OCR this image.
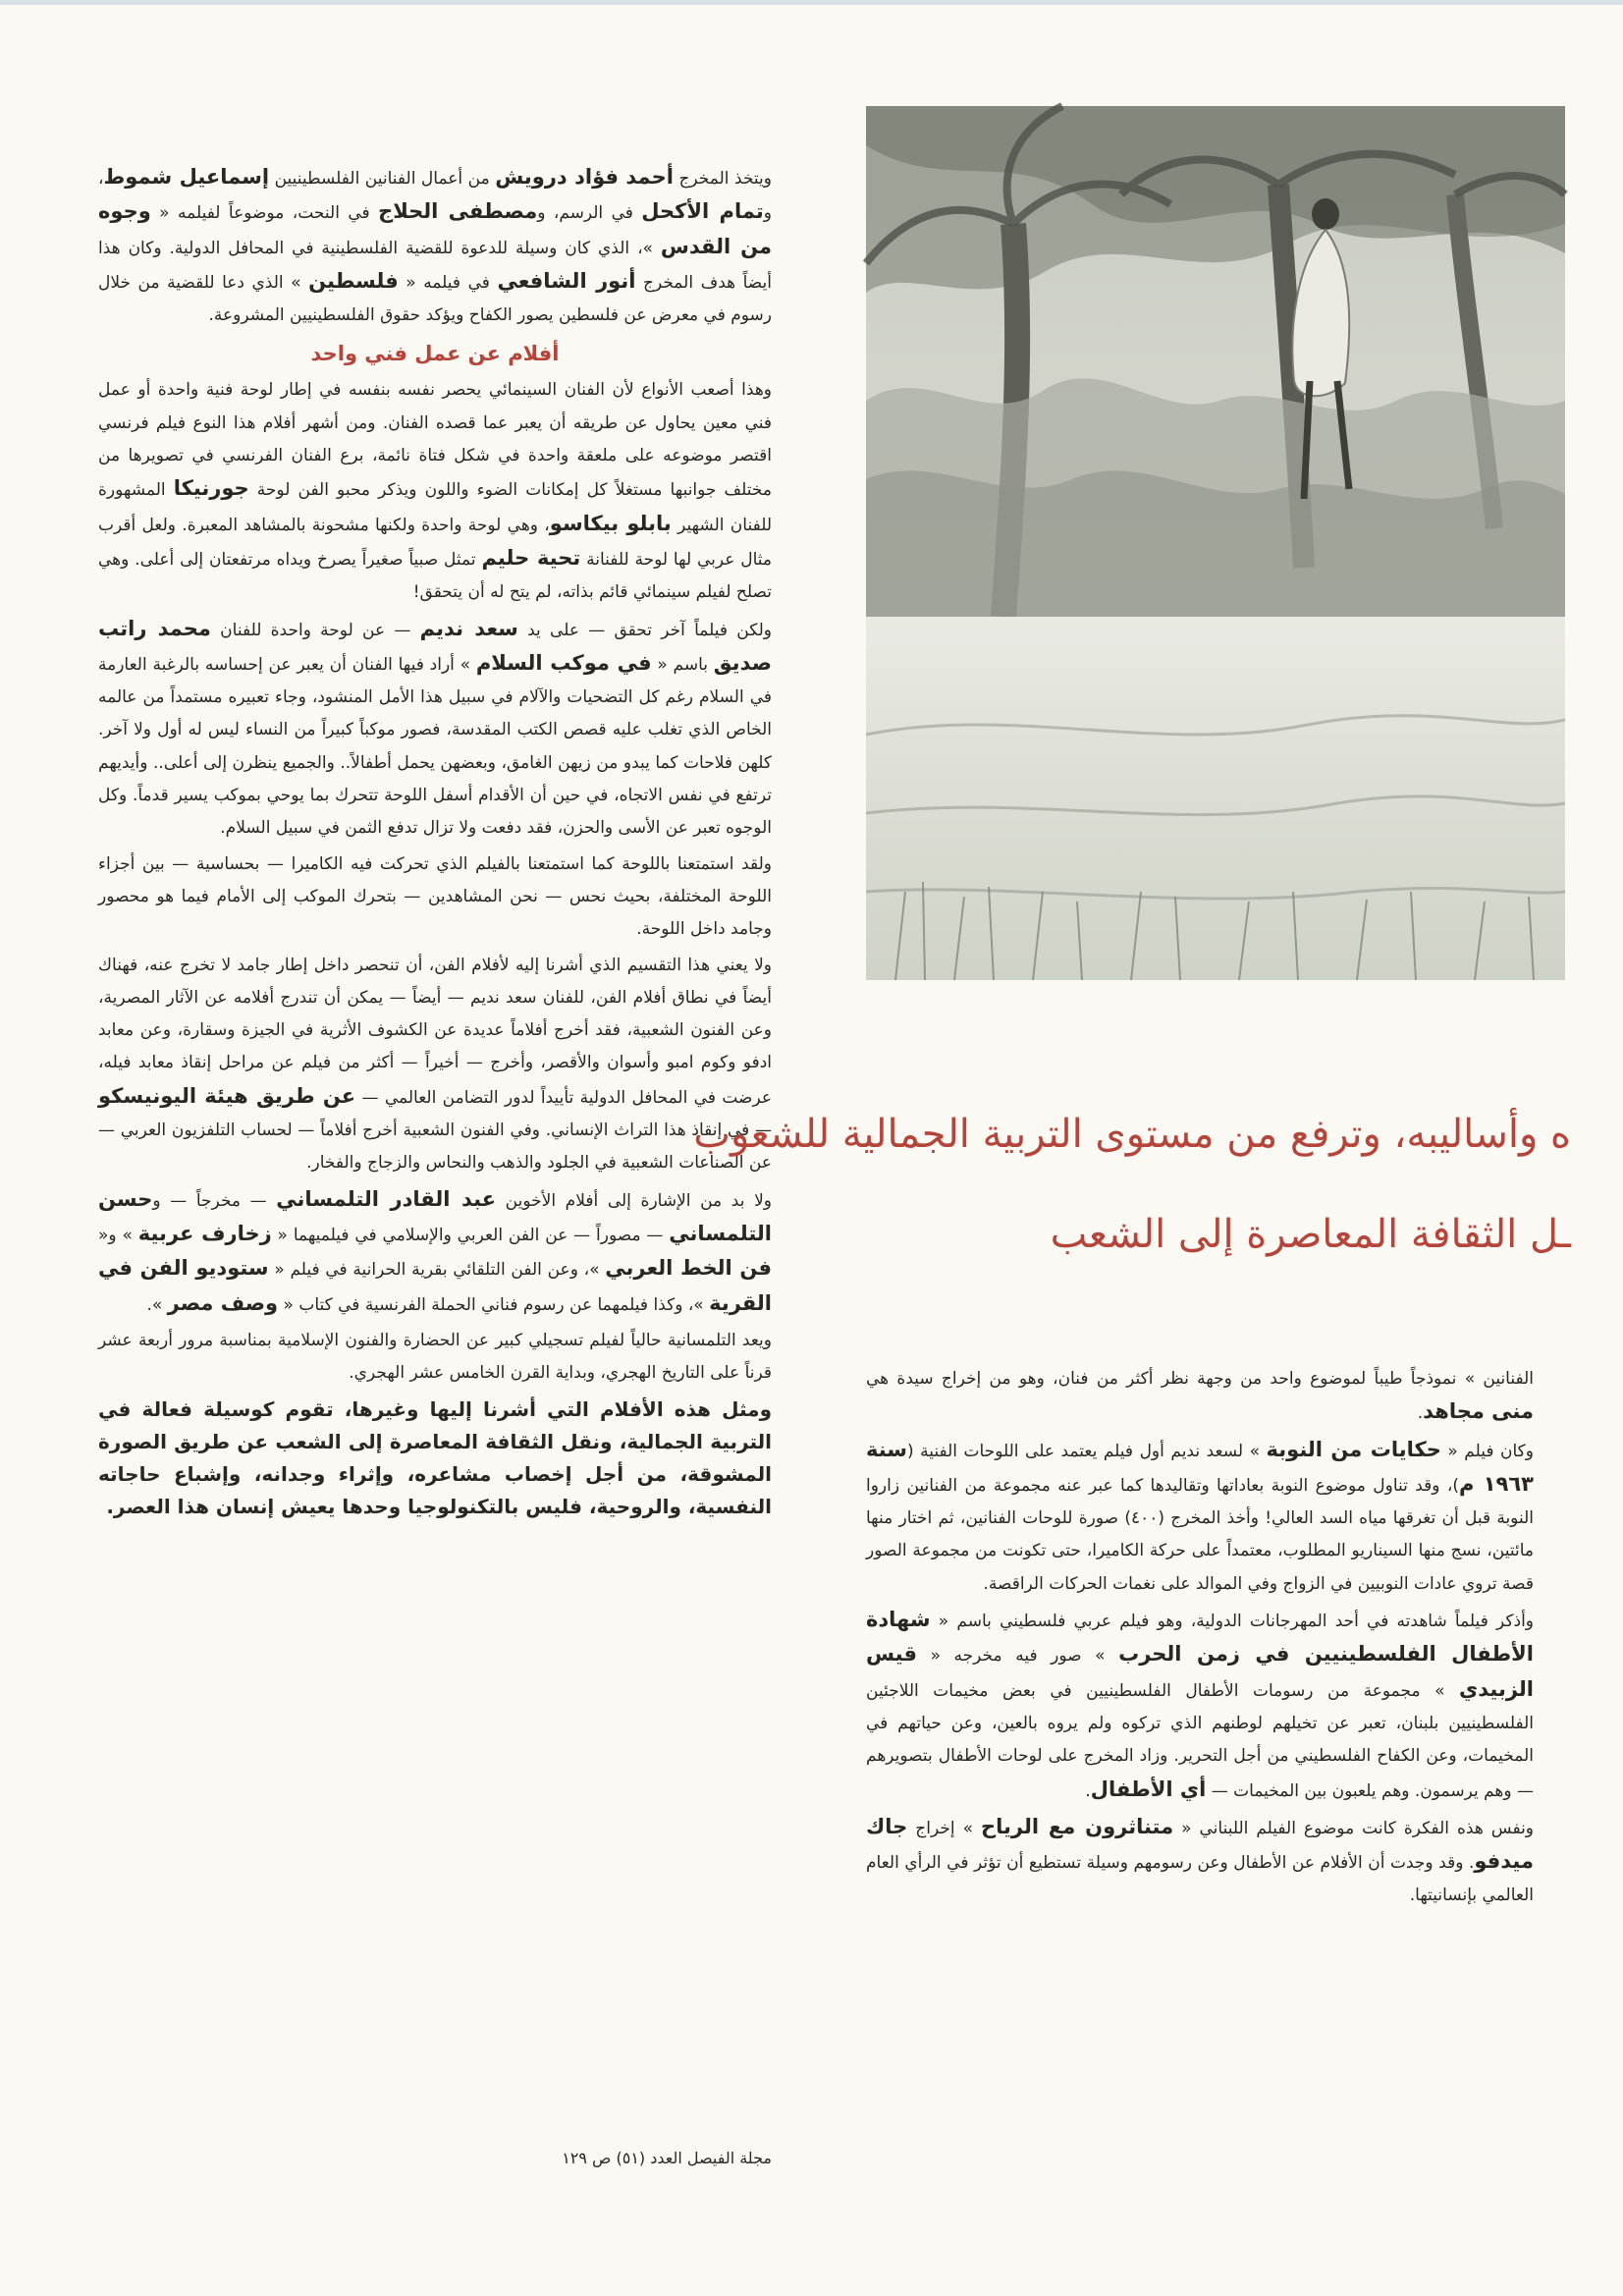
ويتخذ المخرج أحمد فؤاد درويش من أعمال الفنانين الفلسطينيين إسماعيل شموط، وتمام الأكحل في الرسم، ومصطفى الحلاج في النحت، موضوعاً لفيلمه « وجوه من القدس »، الذي كان وسيلة للدعوة للقضية الفلسطينية في المحافل الدولية. وكان هذا أيضاً هدف المخرج أنور الشافعي في فيلمه « فلسطين » الذي دعا للقضية من خلال رسوم في معرض عن فلسطين يصور الكفاح ويؤكد حقوق الفلسطينيين المشروعة.

أفلام عن عمل فني واحد

وهذا أصعب الأنواع لأن الفنان السينمائي يحصر نفسه بنفسه في إطار لوحة فنية واحدة أو عمل فني معين يحاول عن طريقه أن يعبر عما قصده الفنان. ومن أشهر أفلام هذا النوع فيلم فرنسي اقتصر موضوعه على ملعقة واحدة في شكل فتاة نائمة، برع الفنان الفرنسي في تصويرها من مختلف جوانبها مستغلاً كل إمكانات الضوء واللون ويذكر محبو الفن لوحة جورنيكا المشهورة للفنان الشهير بابلو بيكاسو، وهي لوحة واحدة ولكنها مشحونة بالمشاهد المعبرة. ولعل أقرب مثال عربي لها لوحة للفنانة تحية حليم تمثل صبياً صغيراً يصرخ ويداه مرتفعتان إلى أعلى. وهي تصلح لفيلم سينمائي قائم بذاته، لم يتح له أن يتحقق!

ولكن فيلماً آخر تحقق — على يد سعد نديم — عن لوحة واحدة للفنان محمد راتب صديق باسم « في موكب السلام » أراد فيها الفنان أن يعبر عن إحساسه بالرغبة العارمة في السلام رغم كل التضحيات والآلام في سبيل هذا الأمل المنشود، وجاء تعبيره مستمداً من عالمه الخاص الذي تغلب عليه قصص الكتب المقدسة، فصور موكباً كبيراً من النساء ليس له أول ولا آخر. كلهن فلاحات كما يبدو من زيهن الغامق، وبعضهن يحمل أطفالاً.. والجميع ينظرن إلى أعلى.. وأيديهم ترتفع في نفس الاتجاه، في حين أن الأقدام أسفل اللوحة تتحرك بما يوحي بموكب يسير قدماً. وكل الوجوه تعبر عن الأسى والحزن، فقد دفعت ولا تزال تدفع الثمن في سبيل السلام.

ولقد استمتعنا باللوحة كما استمتعنا بالفيلم الذي تحركت فيه الكاميرا — بحساسية — بين أجزاء اللوحة المختلفة، بحيث نحس — نحن المشاهدين — بتحرك الموكب إلى الأمام فيما هو محصور وجامد داخل اللوحة.

ولا يعني هذا التقسيم الذي أشرنا إليه لأفلام الفن، أن تنحصر داخل إطار جامد لا تخرج عنه، فهناك أيضاً في نطاق أفلام الفن، للفنان سعد نديم — أيضاً — يمكن أن تندرج أفلامه عن الآثار المصرية، وعن الفنون الشعبية، فقد أخرج أفلاماً عديدة عن الكشوف الأثرية في الجيزة وسقارة، وعن معابد ادفو وكوم امبو وأسوان والأقصر، وأخرج — أخيراً — أكثر من فيلم عن مراحل إنقاذ معابد فيله، عرضت في المحافل الدولية تأييداً لدور التضامن العالمي — عن طريق هيئة اليونيسكو — في إنقاذ هذا التراث الإنساني. وفي الفنون الشعبية أخرج أفلاماً — لحساب التلفزيون العربي — عن الصناعات الشعبية في الجلود والذهب والنحاس والزجاج والفخار.

ولا بد من الإشارة إلى أفلام الأخوين عبد القادر التلمساني — مخرجاً — وحسن التلمساني — مصوراً — عن الفن العربي والإسلامي في فيلميهما « زخارف عربية » و« فن الخط العربي »، وعن الفن التلقائي بقرية الحرانية في فيلم « ستوديو الفن في القرية »، وكذا فيلمهما عن رسوم فناني الحملة الفرنسية في كتاب « وصف مصر ».

ويعد التلمسانية حالياً لفيلم تسجيلي كبير عن الحضارة والفنون الإسلامية بمناسبة مرور أربعة عشر قرناً على التاريخ الهجري، وبداية القرن الخامس عشر الهجري.

ومثل هذه الأفلام التي أشرنا إليها وغيرها، تقوم كوسيلة فعالة في التربية الجمالية، ونقل الثقافة المعاصرة إلى الشعب عن طريق الصورة المشوقة، من أجل إخصاب مشاعره، وإثراء وجدانه، وإشباع حاجاته النفسية، والروحية، فليس بالتكنولوجيا وحدها يعيش إنسان هذا العصر.

ه وأساليبه، وترفع من مستوى التربية الجمالية للشعوب
ـل الثقافة المعاصرة إلى الشعب

الفنانين » نموذجاً طيباً لموضوع واحد من وجهة نظر أكثر من فنان، وهو من إخراج سيدة هي منى مجاهد.

وكان فيلم « حكايات من النوبة » لسعد نديم أول فيلم يعتمد على اللوحات الفنية (سنة ١٩٦٣ م)، وقد تناول موضوع النوبة بعاداتها وتقاليدها كما عبر عنه مجموعة من الفنانين زاروا النوبة قبل أن تغرقها مياه السد العالي! وأخذ المخرج (٤٠٠) صورة للوحات الفنانين، ثم اختار منها مائتين، نسج منها السيناريو المطلوب، معتمداً على حركة الكاميرا، حتى تكونت من مجموعة الصور قصة تروي عادات النوبيين في الزواج وفي الموالد على نغمات الحركات الراقصة.

وأذكر فيلماً شاهدته في أحد المهرجانات الدولية، وهو فيلم عربي فلسطيني باسم « شهادة الأطفال الفلسطينيين في زمن الحرب » صور فيه مخرجه « قيس الزبيدي » مجموعة من رسومات الأطفال الفلسطينيين في بعض مخيمات اللاجئين الفلسطينيين بلبنان، تعبر عن تخيلهم لوطنهم الذي تركوه ولم يروه بالعين، وعن حياتهم في المخيمات، وعن الكفاح الفلسطيني من أجل التحرير. وزاد المخرج على لوحات الأطفال بتصويرهم — وهم يرسمون. وهم يلعبون بين المخيمات — أي الأطفال.

ونفس هذه الفكرة كانت موضوع الفيلم اللبناني « متناثرون مع الرياح » إخراج جاك ميدفو. وقد وجدت أن الأفلام عن الأطفال وعن رسومهم وسيلة تستطيع أن تؤثر في الرأي العام العالمي بإنسانيتها.

مجلة الفيصل العدد (٥١) ص ١٢٩
